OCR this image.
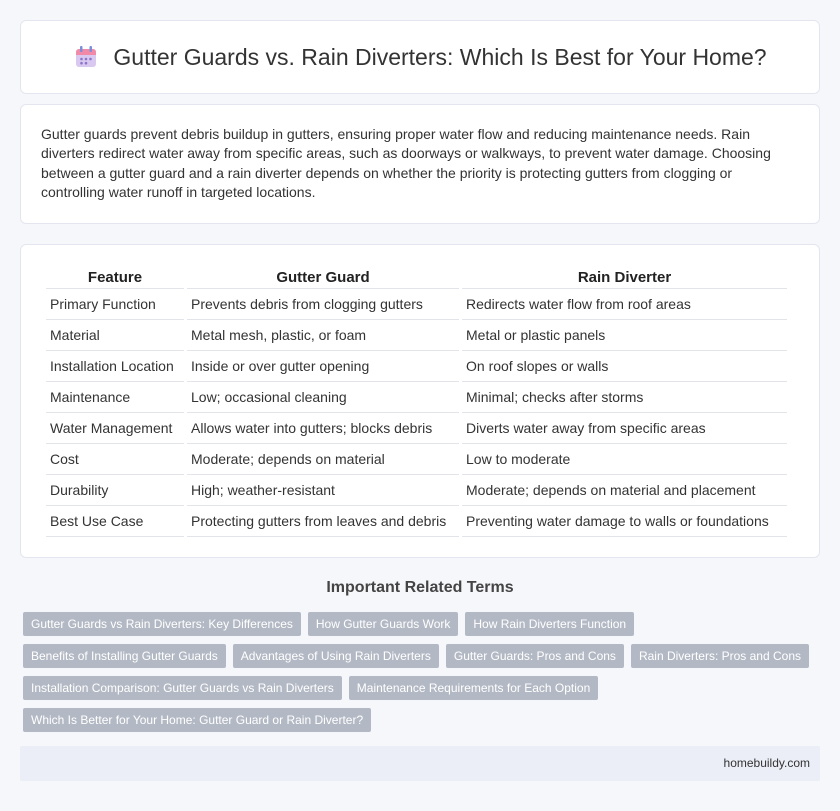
Gutter Guards vs. Rain Diverters: Which Is Best for Your Home?

Gutter guards prevent debris buildup in gutters, ensuring proper water flow and reducing maintenance needs. Rain diverters redirect water away from specific areas, such as doorways or walkways, to prevent water damage. Choosing between a gutter guard and a rain diverter depends on whether the priority is protecting gutters from clogging or controlling water runoff in targeted locations.

Feature	Gutter Guard	Rain Diverter
Primary Function	Prevents debris from clogging gutters	Redirects water flow from roof areas
Material	Metal mesh, plastic, or foam	Metal or plastic panels
Installation Location	Inside or over gutter opening	On roof slopes or walls
Maintenance	Low; occasional cleaning	Minimal; checks after storms
Water Management	Allows water into gutters; blocks debris	Diverts water away from specific areas
Cost	Moderate; depends on material	Low to moderate
Durability	High; weather-resistant	Moderate; depends on material and placement
Best Use Case	Protecting gutters from leaves and debris	Preventing water damage to walls or foundations
Important Related Terms
Gutter Guards vs Rain Diverters: Key Differences	How Gutter Guards Work	How Rain Diverters Function
Benefits of Installing Gutter Guards	Advantages of Using Rain Diverters	Gutter Guards: Pros and Cons	Rain Diverters: Pros and Cons
Installation Comparison: Gutter Guards vs Rain Diverters	Maintenance Requirements for Each Option
Which Is Better for Your Home: Gutter Guard or Rain Diverter?
homebuildy.com
